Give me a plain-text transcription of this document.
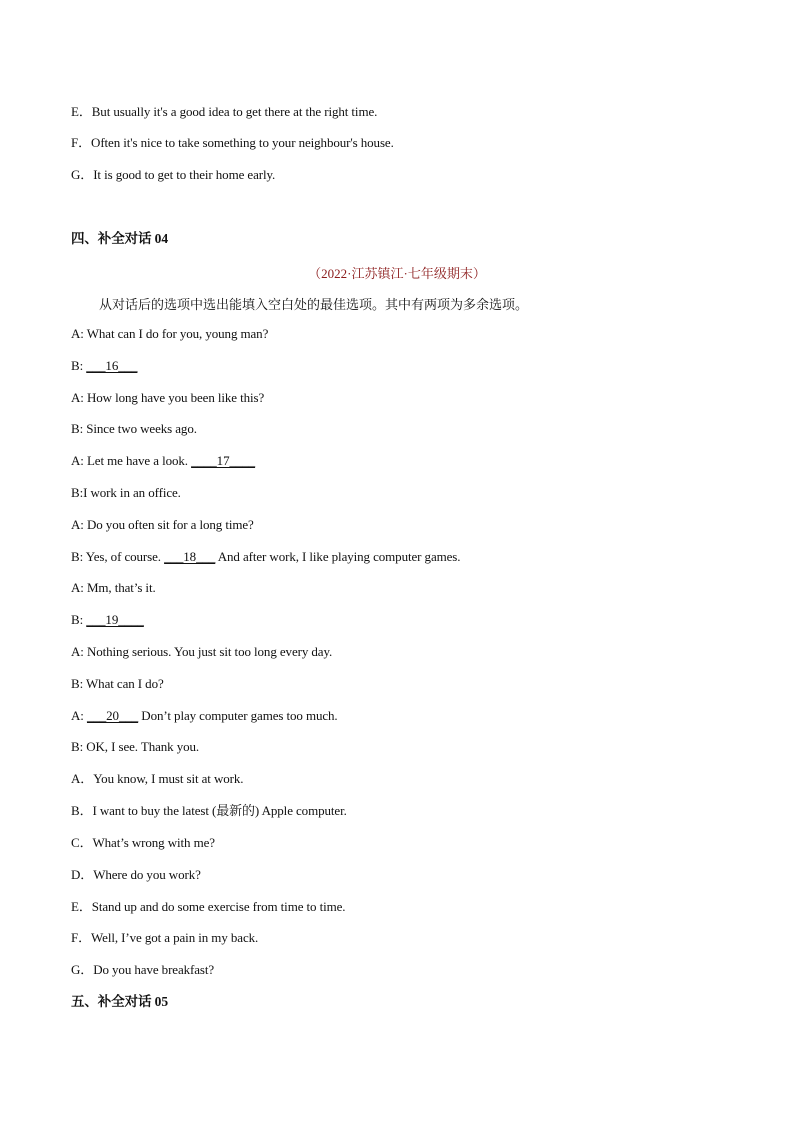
E．But usually it's a good idea to get there at the right time.
F．Often it's nice to take something to your neighbour's house.
G．It is good to get to their home early.
四、补全对话 04
（2022·江苏镇江·七年级期末）
从对话后的选项中选出能填入空白处的最佳选项。其中有两项为多余选项。
A: What can I do for you, young man?
B: ___16___
A: How long have you been like this?
B: Since two weeks ago.
A: Let me have a look. ____17____
B:I work in an office.
A: Do you often sit for a long time?
B: Yes, of course. ___18___ And after work, I like playing computer games.
A: Mm, that’s it.
B: ___19____
A: Nothing serious. You just sit too long every day.
B: What can I do?
A: ___20___ Don’t play computer games too much.
B: OK, I see. Thank you.
A．You know, I must sit at work.
B．I want to buy the latest (最新的) Apple computer.
C．What’s wrong with me?
D．Where do you work?
E．Stand up and do some exercise from time to time.
F．Well, I’ve got a pain in my back.
G．Do you have breakfast?
五、补全对话 05
